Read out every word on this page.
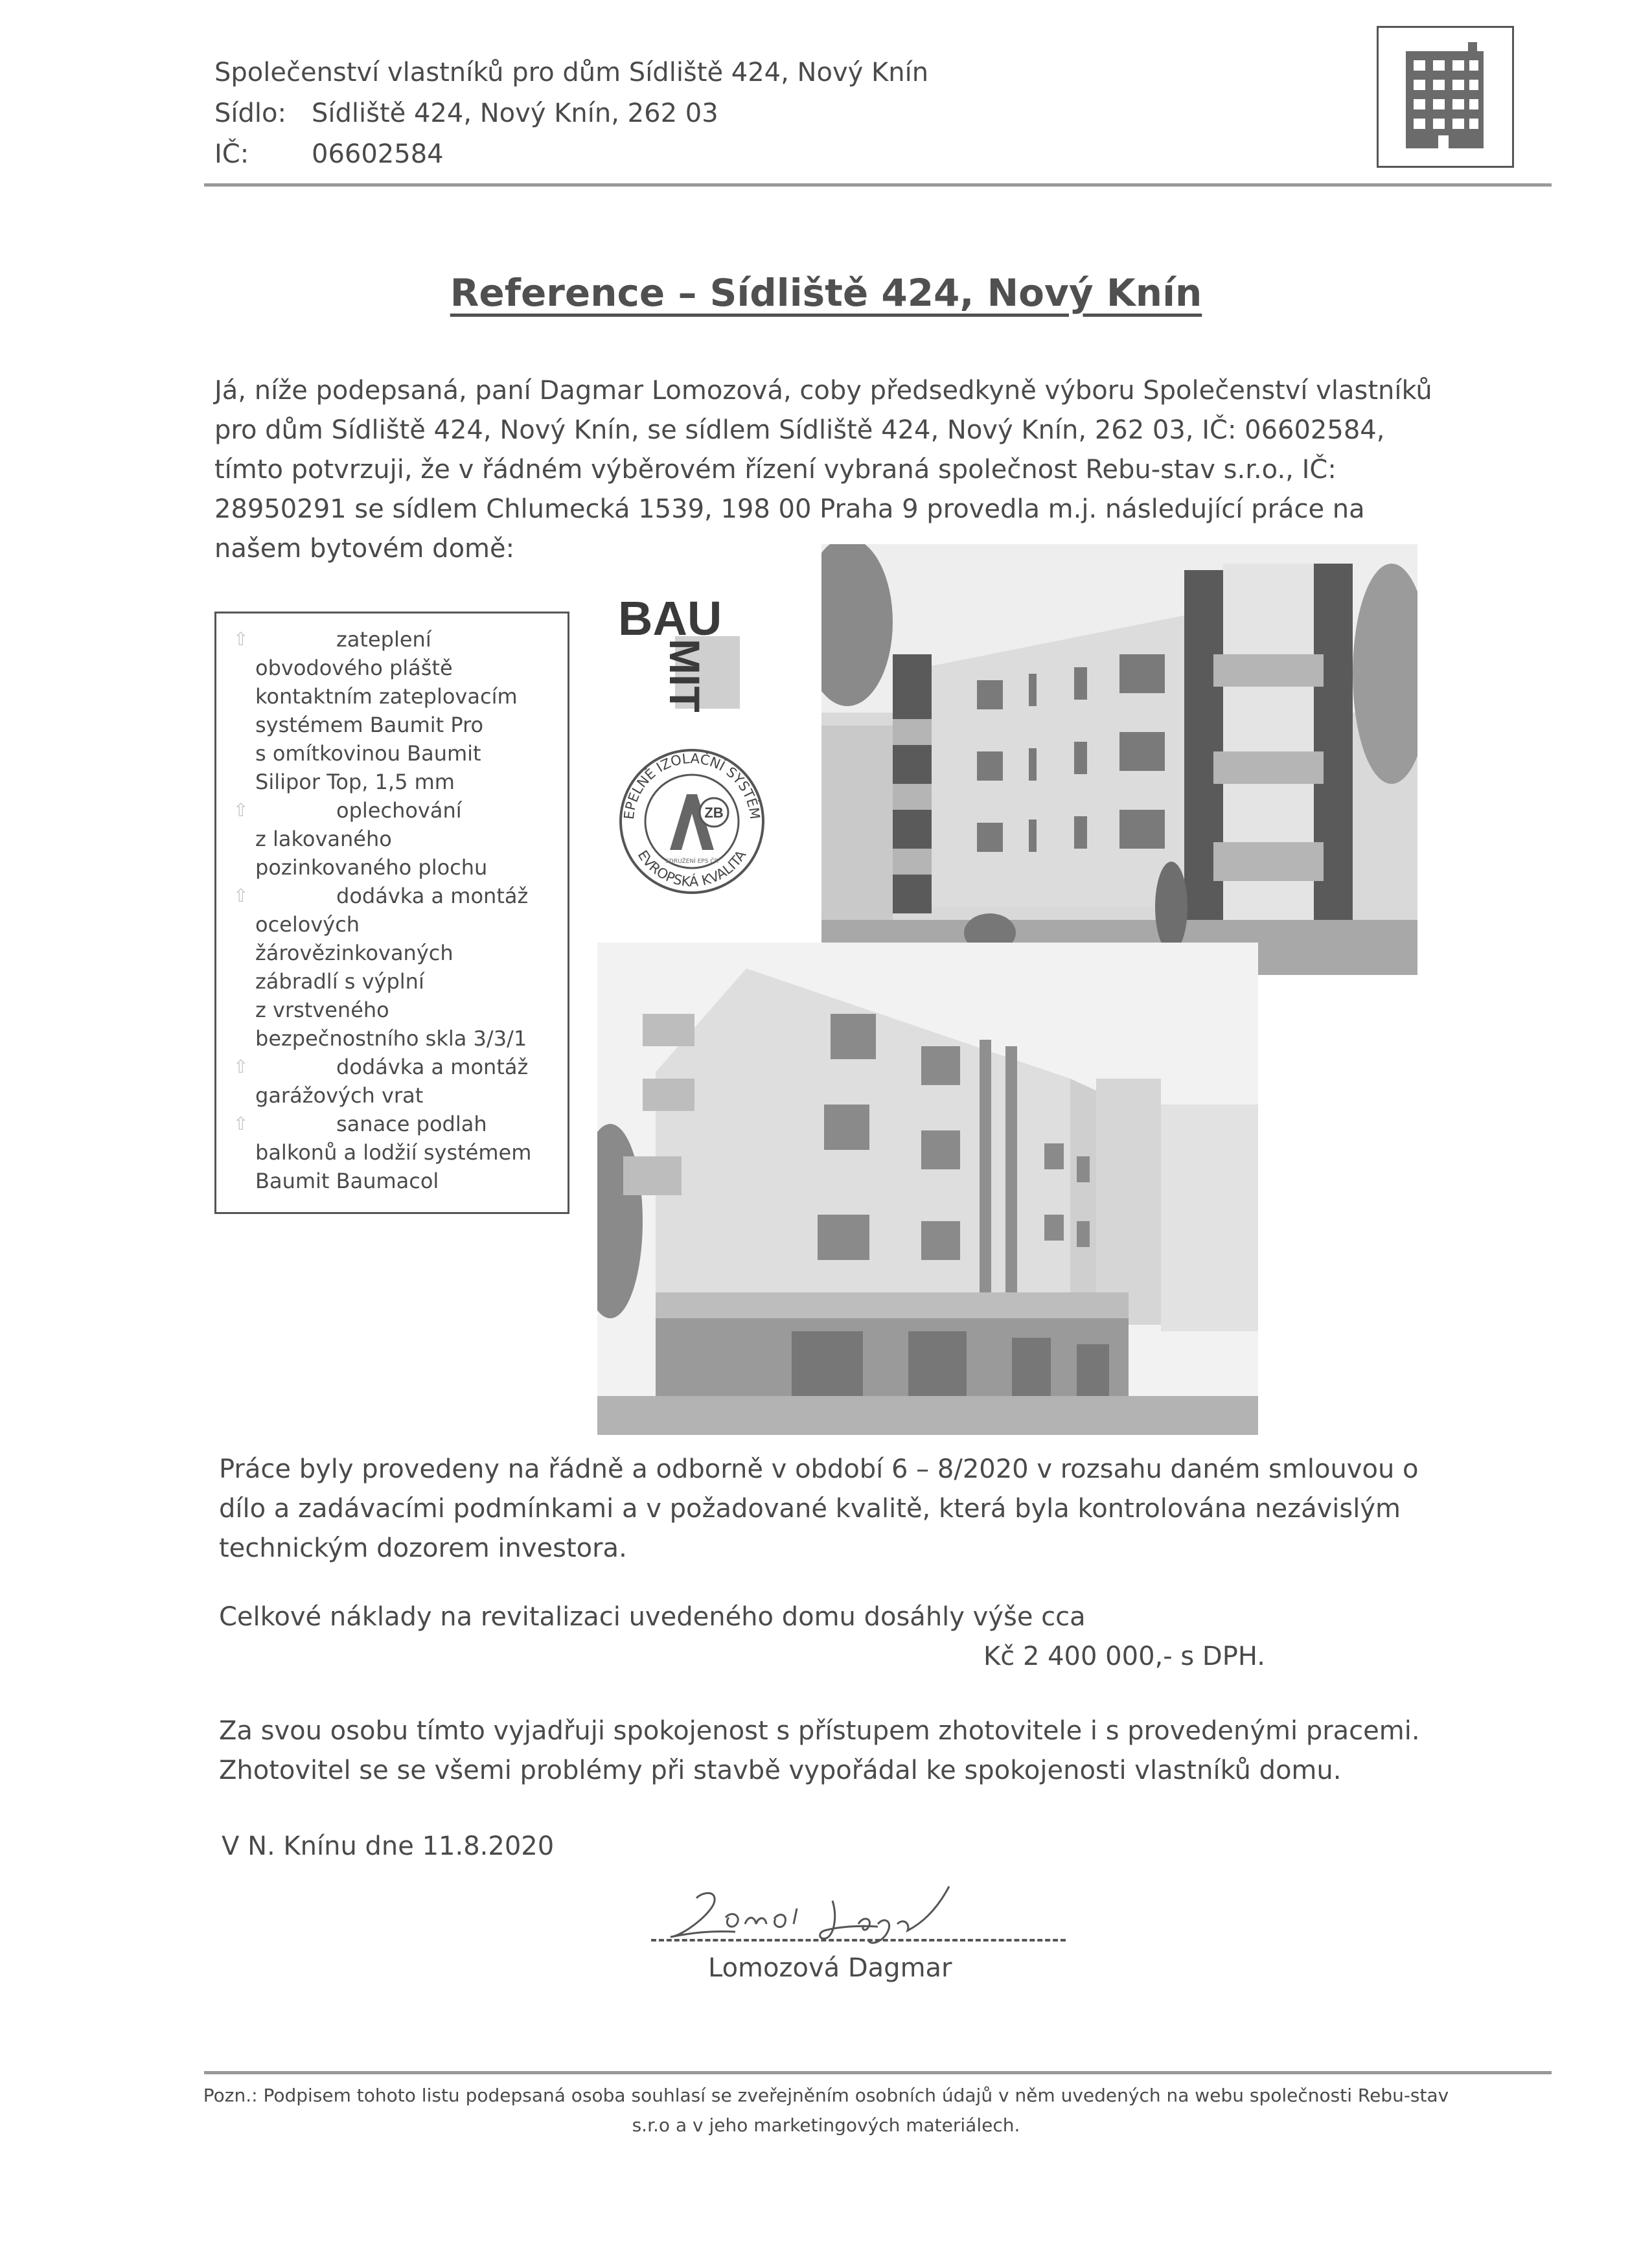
Společenství vlastníků pro dům Sídliště 424, Nový Knín
Sídlo: Sídliště 424, Nový Knín, 262 03
IČ: 06602584
Reference – Sídliště 424, Nový Knín
Já, níže podepsaná, paní Dagmar Lomozová, coby předsedkyně výboru Společenství vlastníků
pro dům Sídliště 424, Nový Knín, se sídlem Sídliště 424, Nový Knín, 262 03, IČ: 06602584,
tímto potvrzuji, že v řádném výběrovém řízení vybraná společnost Rebu-stav s.r.o., IČ:
28950291 se sídlem Chlumecká 1539, 198 00 Praha 9 provedla m.j. následující práce na
našem bytovém domě:
⇧	zateplení
obvodového pláště
kontaktním zateplovacím
systémem Baumit Pro
s omítkovinou Baumit
Silipor Top, 1,5 mm
⇧	oplechování
z lakovaného
pozinkovaného plochu
⇧	dodávka a montáž
ocelových
žárovězinkovaných
zábradlí s výplní
z vrstveného
bezpečnostního skla 3/3/1
⇧	dodávka a montáž
garážových vrat
⇧	sanace podlah
balkonů a lodžií systémem
Baumit Baumacol
BAU
MIT
EPELNĚ IZOLAČNÍ SYSTÉM
EVROPSKÁ KVALITA
ZB
SDRUŽENÍ EPS ČR
Práce byly provedeny na řádně a odborně v období 6 – 8/2020 v rozsahu daném smlouvou o
dílo a zadávacími podmínkami a v požadované kvalitě, která byla kontrolována nezávislým
technickým dozorem investora.
Celkové náklady na revitalizaci uvedeného domu dosáhly výše cca
Kč 2 400 000,- s DPH.
Za svou osobu tímto vyjadřuji spokojenost s přístupem zhotovitele i s provedenými pracemi.
Zhotovitel se se všemi problémy při stavbě vypořádal ke spokojenosti vlastníků domu.
V N. Knínu dne 11.8.2020
Lomozová Dagmar
Pozn.: Podpisem tohoto listu podepsaná osoba souhlasí se zveřejněním osobních údajů v něm uvedených na webu společnosti Rebu-stav
s.r.o a v jeho marketingových materiálech.
